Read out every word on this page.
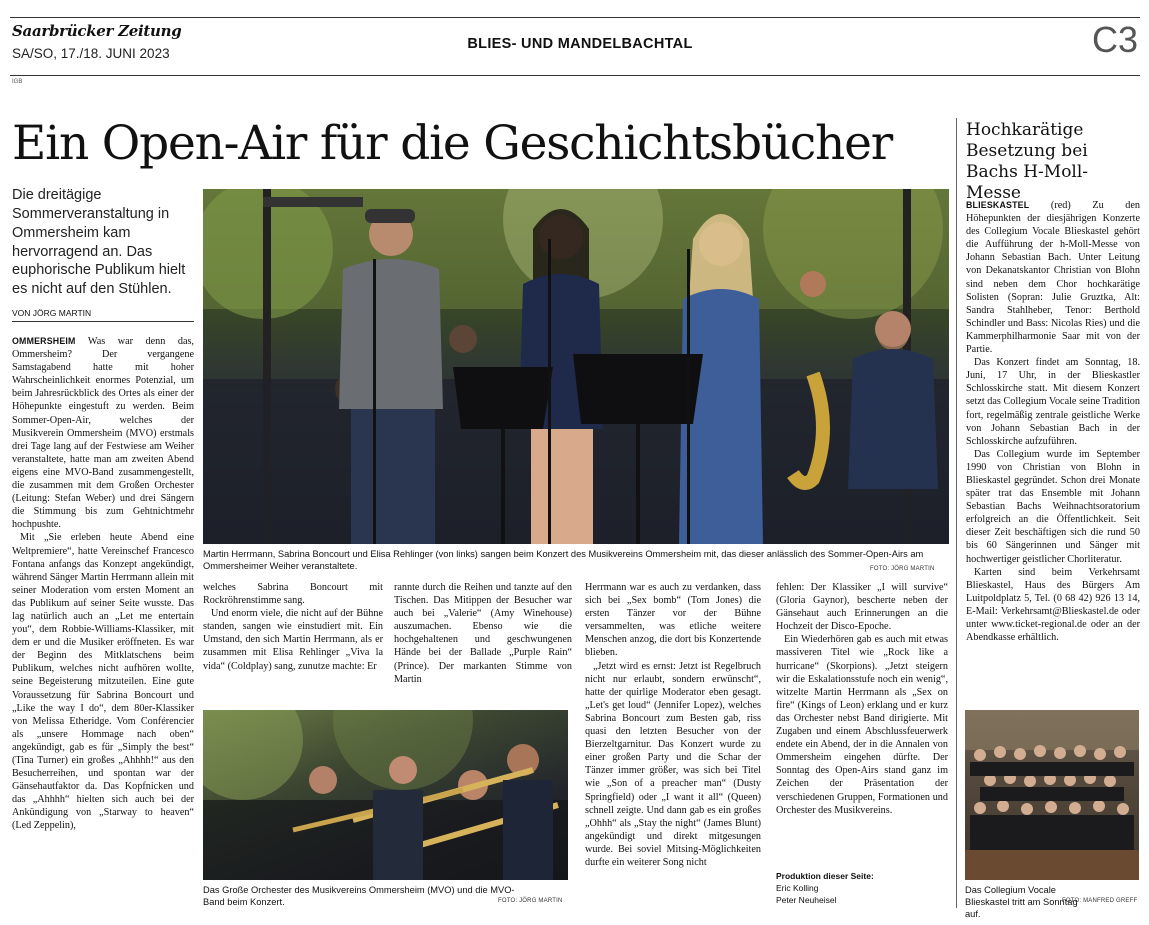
Saarbrücker Zeitung
SA/SO, 17./18. JUNI 2023
BLIES- UND MANDELBACHTAL	C3
IGB
Ein Open-Air für die Geschichtsbücher
Die dreitägige Sommerveranstaltung in Ommersheim kam hervorragend an. Das euphorische Publikum hielt es nicht auf den Stühlen.
VON JÖRG MARTIN

OMMERSHEIM Was war denn das, Ommersheim? Der vergangene Samstagabend hatte mit hoher Wahrscheinlichkeit enormes Potenzial, um beim Jahresrückblick des Ortes als einer der Höhepunkte eingestuft zu werden. Beim Sommer-Open-Air, welches der Musikverein Ommersheim (MVO) erstmals drei Tage lang auf der Festwiese am Weiher veranstaltete, hatte man am zweiten Abend eigens eine MVO-Band zusammengestellt, die zusammen mit dem Großen Orchester (Leitung: Stefan Weber) und drei Sängern die Stimmung bis zum Gehtnichtmehr hochpushte.

Mit „Sie erleben heute Abend eine Weltpremiere“, hatte Vereinschef Francesco Fontana anfangs das Konzept angekündigt, während Sänger Martin Herrmann allein mit seiner Moderation vom ersten Moment an das Publikum auf seiner Seite wusste. Das lag natürlich auch an „Let me entertain you“, dem Robbie-Williams-Klassiker, mit dem er und die Musiker eröffneten. Es war der Beginn des Mitklatschens beim Publikum, welches nicht aufhören wollte, seine Begeisterung mitzuteilen. Eine gute Voraussetzung für Sabrina Boncourt und „Like the way I do“, dem 80er-Klassiker von Melissa Etheridge. Vom Conférencier als „unsere Hommage nach oben“ angekündigt, gab es für „Simply the best“ (Tina Turner) ein großes „Ahhhh!“ aus den Besucherreihen, und spontan war der Gänsehautfaktor da. Das Kopfnicken und das „Ahhhh“ hielten sich auch bei der Ankündigung von „Starway to heaven“ (Led Zeppelin),

Martin Herrmann, Sabrina Boncourt und Elisa Rehlinger (von links) sangen beim Konzert des Musikvereins Ommersheim mit, das dieser anlässlich des Sommer-Open-Airs am Ommersheimer Weiher veranstaltete.	FOTO: JÖRG MARTIN

welches Sabrina Boncourt mit Rockröhrenstimme sang.

Und enorm viele, die nicht auf der Bühne standen, sangen wie einstudiert mit. Ein Umstand, den sich Martin Herrmann, als er zusammen mit Elisa Rehlinger „Viva la vida“ (Coldplay) sang, zunutze machte: Er

rannte durch die Reihen und tanzte auf den Tischen. Das Mitippen der Besucher war auch bei „Valerie“ (Amy Winehouse) auszumachen. Ebenso wie die hochgehaltenen und geschwungenen Hände bei der Ballade „Purple Rain“ (Prince). Der markanten Stimme von Martin

Das Große Orchester des Musikvereins Ommersheim (MVO) und die MVO-Band beim Konzert.	FOTO: JÖRG MARTIN

Herrmann war es auch zu verdanken, dass sich bei „Sex bomb“ (Tom Jones) die ersten Tänzer vor der Bühne versammelten, was etliche weitere Menschen anzog, die dort bis Konzertende blieben.

„Jetzt wird es ernst: Jetzt ist Regelbruch nicht nur erlaubt, sondern erwünscht“, hatte der quirlige Moderator eben gesagt. „Let's get loud“ (Jennifer Lopez), welches Sabrina Boncourt zum Besten gab, riss quasi den letzten Besucher von der Bierzeltgarnitur. Das Konzert wurde zu einer großen Party und die Schar der Tänzer immer größer, was sich bei Titel wie „Son of a preacher man“ (Dusty Springfield) oder „I want it all“ (Queen) schnell zeigte. Und dann gab es ein großes „Ohhh“ als „Stay the night“ (James Blunt) angekündigt und direkt mitgesungen wurde. Bei soviel Mitsing-Möglichkeiten durfte ein weiterer Song nicht

fehlen: Der Klassiker „I will survive“ (Gloria Gaynor), bescherte neben der Gänsehaut auch Erinnerungen an die Hochzeit der Disco-Epoche.

Ein Wiederhören gab es auch mit etwas massiveren Titel wie „Rock like a hurricane“ (Skorpions). „Jetzt steigern wir die Eskalationsstufe noch ein wenig“, witzelte Martin Herrmann als „Sex on fire“ (Kings of Leon) erklang und er kurz das Orchester nebst Band dirigierte. Mit Zugaben und einem Abschlussfeuerwerk endete ein Abend, der in die Annalen von Ommersheim eingehen dürfte. Der Sonntag des Open-Airs stand ganz im Zeichen der Präsentation der verschiedenen Gruppen, Formationen und Orchester des Musikvereins.

Produktion dieser Seite:
Eric Kolling
Peter Neuheisel
Hochkarätige Besetzung bei Bachs H-Moll-Messe

BLIESKASTEL (red) Zu den Höhepunkten der diesjährigen Konzerte des Collegium Vocale Blieskastel gehört die Aufführung der h-Moll-Messe von Johann Sebastian Bach. Unter Leitung von Dekanatskantor Christian von Blohn sind neben dem Chor hochkarätige Solisten (Sopran: Julie Gruztka, Alt: Sandra Stahlheber, Tenor: Berthold Schindler und Bass: Nicolas Ries) und die Kammerphilharmonie Saar mit von der Partie.

Das Konzert findet am Sonntag, 18. Juni, 17 Uhr, in der Blieskastler Schlosskirche statt. Mit diesem Konzert setzt das Collegium Vocale seine Tradition fort, regelmäßig zentrale geistliche Werke von Johann Sebastian Bach in der Schlosskirche aufzuführen.

Das Collegium wurde im September 1990 von Christian von Blohn in Blieskastel gegründet. Schon drei Monate später trat das Ensemble mit Johann Sebastian Bachs Weihnachtsoratorium erfolgreich an die Öffentlichkeit. Seit dieser Zeit beschäftigen sich die rund 50 bis 60 Sängerinnen und Sänger mit hochwertiger geistlicher Chorliteratur.

Karten sind beim Verkehrsamt Blieskastel, Haus des Bürgers Am Luitpoldplatz 5, Tel. (0 68 42) 926 13 14, E-Mail: Verkehrsamt@Blieskastel.de oder unter www.ticket-regional.de oder an der Abendkasse erhältlich.

Das Collegium Vocale Blieskastel tritt am Sonntag auf.
FOTO: MANFRED GREFF
